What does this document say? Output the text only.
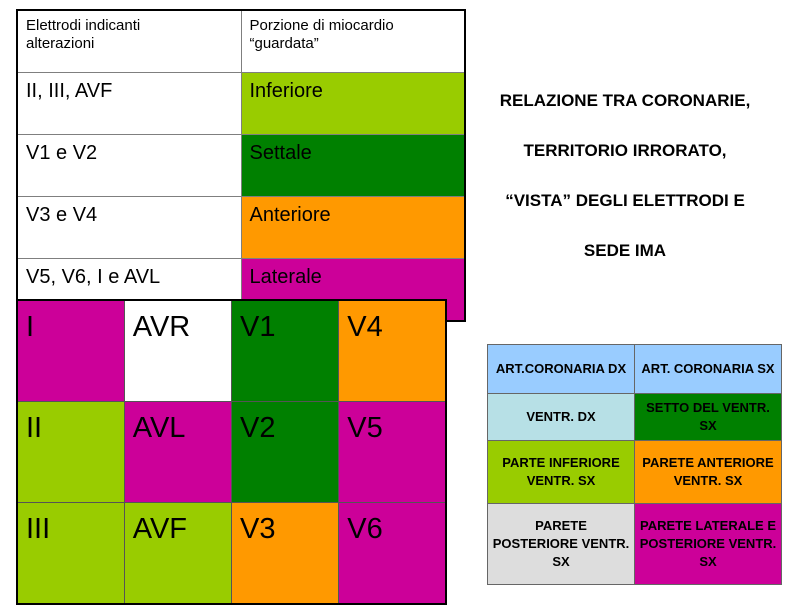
Elettrodi indicanti
alterazioni	Porzione di miocardio
“guardata”
II, III, AVF	Inferiore
V1 e V2	Settale
V3 e V4	Anteriore
V5, V6, I e AVL	Laterale
RELAZIONE TRA CORONARIE,
TERRITORIO IRRORATO,
“VISTA” DEGLI ELETTRODI E
SEDE IMA
I	AVR	V1	V4
II	AVL	V2	V5
III	AVF	V3	V6
ART.CORONARIA DX	ART. CORONARIA SX
VENTR. DX	SETTO DEL VENTR. SX
PARTE INFERIORE VENTR. SX	PARETE ANTERIORE VENTR. SX
PARETE POSTERIORE VENTR. SX	PARETE LATERALE E POSTERIORE VENTR. SX
